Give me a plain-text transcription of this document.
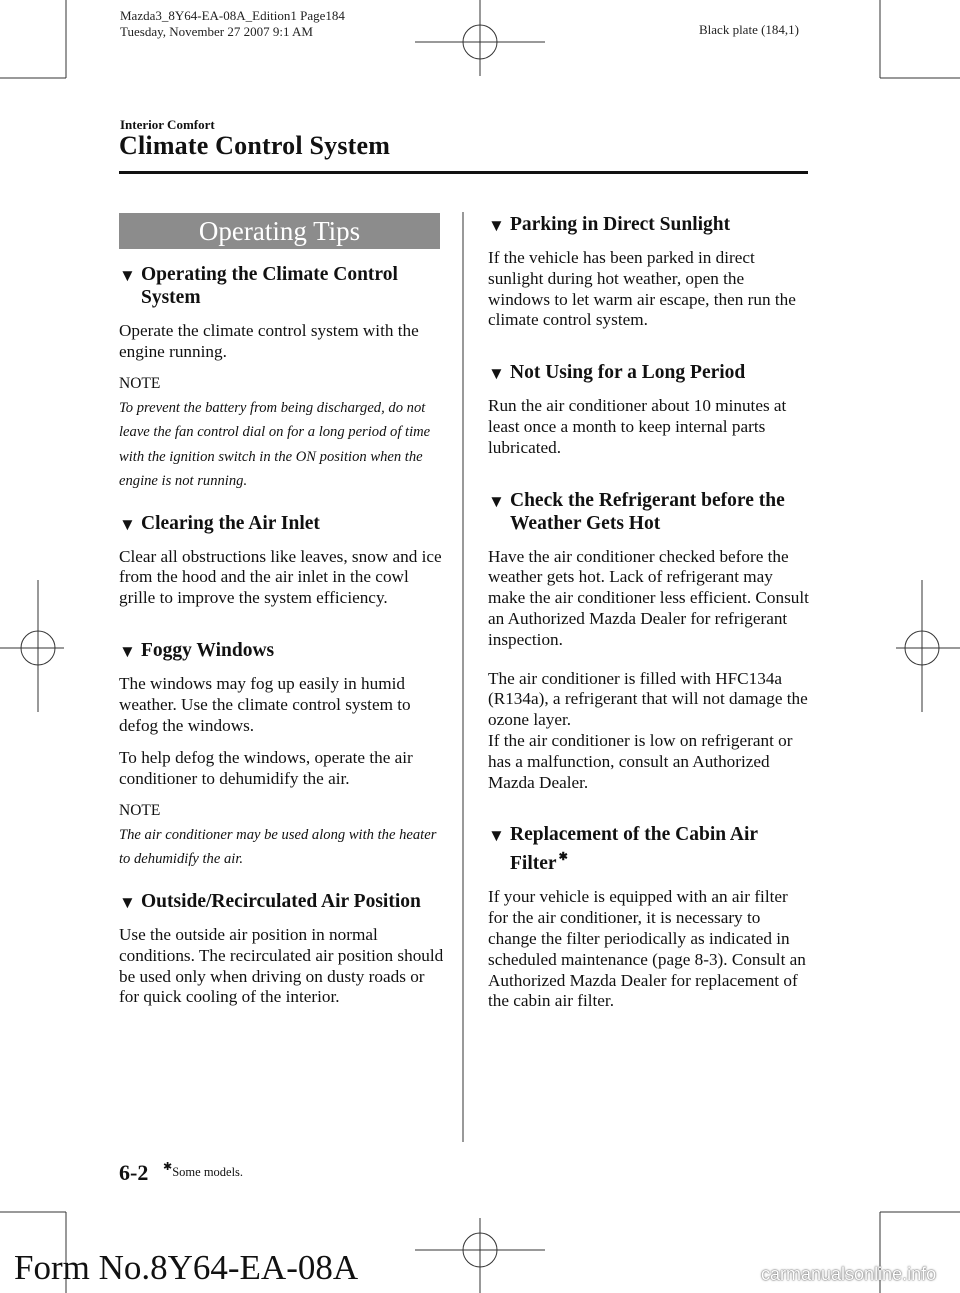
Mazda3_8Y64-EA-08A_Edition1 Page184
Tuesday, November 27 2007 9:1 AM	Black plate (184,1)
Interior Comfort
Climate Control System
Operating Tips
▼ Operating the Climate Control
System
Operate the climate control system with the engine running.
NOTE
To prevent the battery from being discharged, do not leave the fan control dial on for a long period of time with the ignition switch in the ON position when the engine is not running.
▼ Clearing the Air Inlet
Clear all obstructions like leaves, snow and ice from the hood and the air inlet in the cowl grille to improve the system efficiency.
▼ Foggy Windows
The windows may fog up easily in humid weather. Use the climate control system to defog the windows.
To help defog the windows, operate the air conditioner to dehumidify the air.
NOTE
The air conditioner may be used along with the heater to dehumidify the air.
▼ Outside/Recirculated Air Position
Use the outside air position in normal conditions. The recirculated air position should be used only when driving on dusty roads or for quick cooling of the interior.
▼ Parking in Direct Sunlight
If the vehicle has been parked in direct sunlight during hot weather, open the windows to let warm air escape, then run the climate control system.
▼ Not Using for a Long Period
Run the air conditioner about 10 minutes at least once a month to keep internal parts lubricated.
▼ Check the Refrigerant before the
Weather Gets Hot
Have the air conditioner checked before the weather gets hot. Lack of refrigerant may make the air conditioner less efficient. Consult an Authorized Mazda Dealer for refrigerant inspection.
The air conditioner is filled with HFC134a (R134a), a refrigerant that will not damage the ozone layer.
If the air conditioner is low on refrigerant or has a malfunction, consult an Authorized Mazda Dealer.
▼ Replacement of the Cabin Air
Filter ✱
If your vehicle is equipped with an air filter for the air conditioner, it is necessary to change the filter periodically as indicated in scheduled maintenance (page 8-3). Consult an Authorized Mazda Dealer for replacement of the cabin air filter.
6-2 ✱Some models.
Form No.8Y64-EA-08A	carmanualsonline.info
